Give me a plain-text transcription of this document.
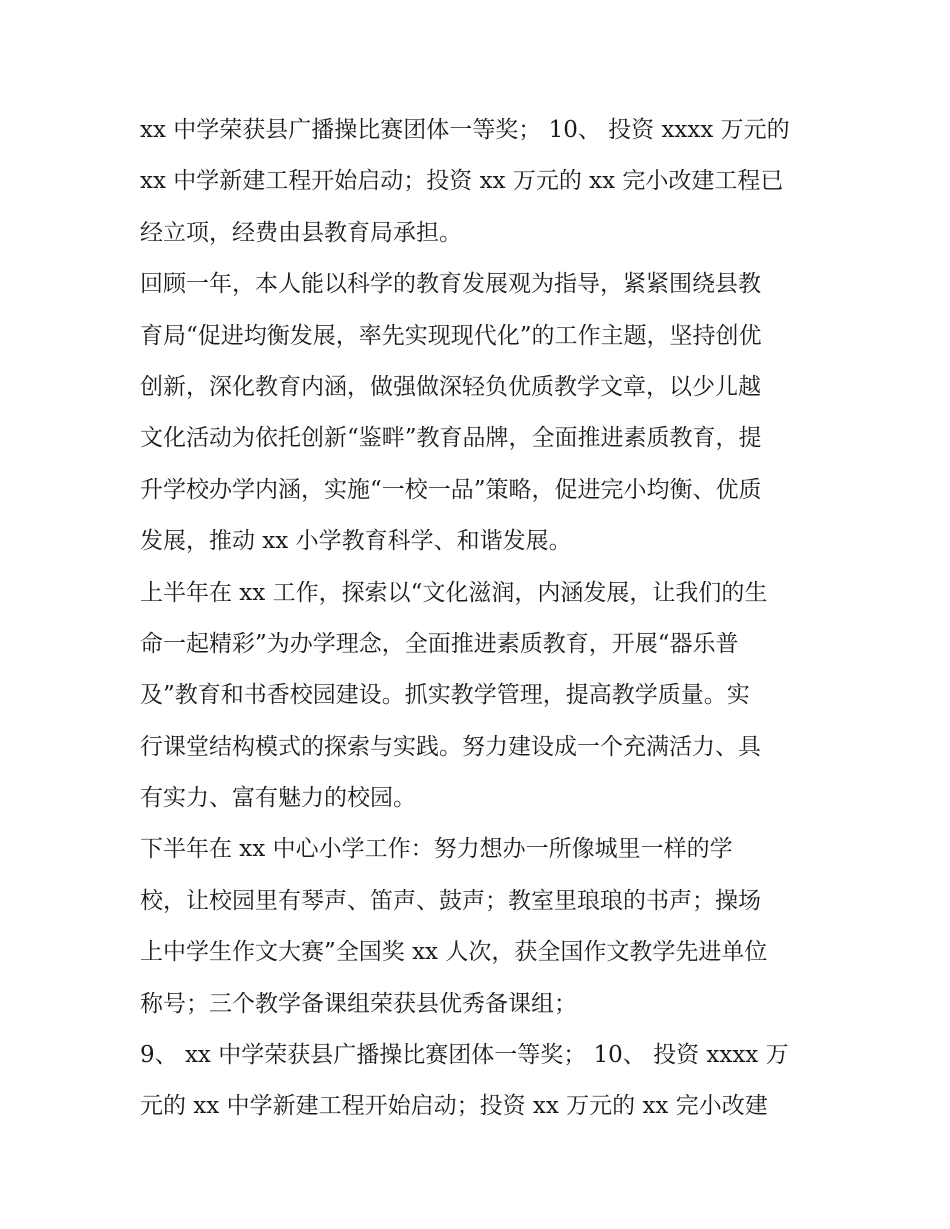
xx 中学荣获县广播操比赛团体一等奖； 10、 投资 xxxx 万元的
xx 中学新建工程开始启动；投资 xx 万元的 xx 完小改建工程已
经立项，经费由县教育局承担。
回顾一年，本人能以科学的教育发展观为指导，紧紧围绕县教
育局“促进均衡发展，率先实现现代化”的工作主题，坚持创优
创新，深化教育内涵，做强做深轻负优质教学文章，以少儿越
文化活动为依托创新“鉴畔”教育品牌，全面推进素质教育，提
升学校办学内涵，实施“一校一品”策略，促进完小均衡、优质
发展，推动 xx 小学教育科学、和谐发展。
上半年在 xx 工作，探索以“文化滋润，内涵发展，让我们的生
命一起精彩”为办学理念，全面推进素质教育，开展“器乐普
及”教育和书香校园建设。抓实教学管理，提高教学质量。实
行课堂结构模式的探索与实践。努力建设成一个充满活力、具
有实力、富有魅力的校园。
下半年在 xx 中心小学工作：努力想办一所像城里一样的学
校，让校园里有琴声、笛声、鼓声；教室里琅琅的书声；操场
上中学生作文大赛”全国奖 xx 人次，获全国作文教学先进单位
称号；三个教学备课组荣获县优秀备课组；
9、 xx 中学荣获县广播操比赛团体一等奖； 10、 投资 xxxx 万
元的 xx 中学新建工程开始启动；投资 xx 万元的 xx 完小改建
